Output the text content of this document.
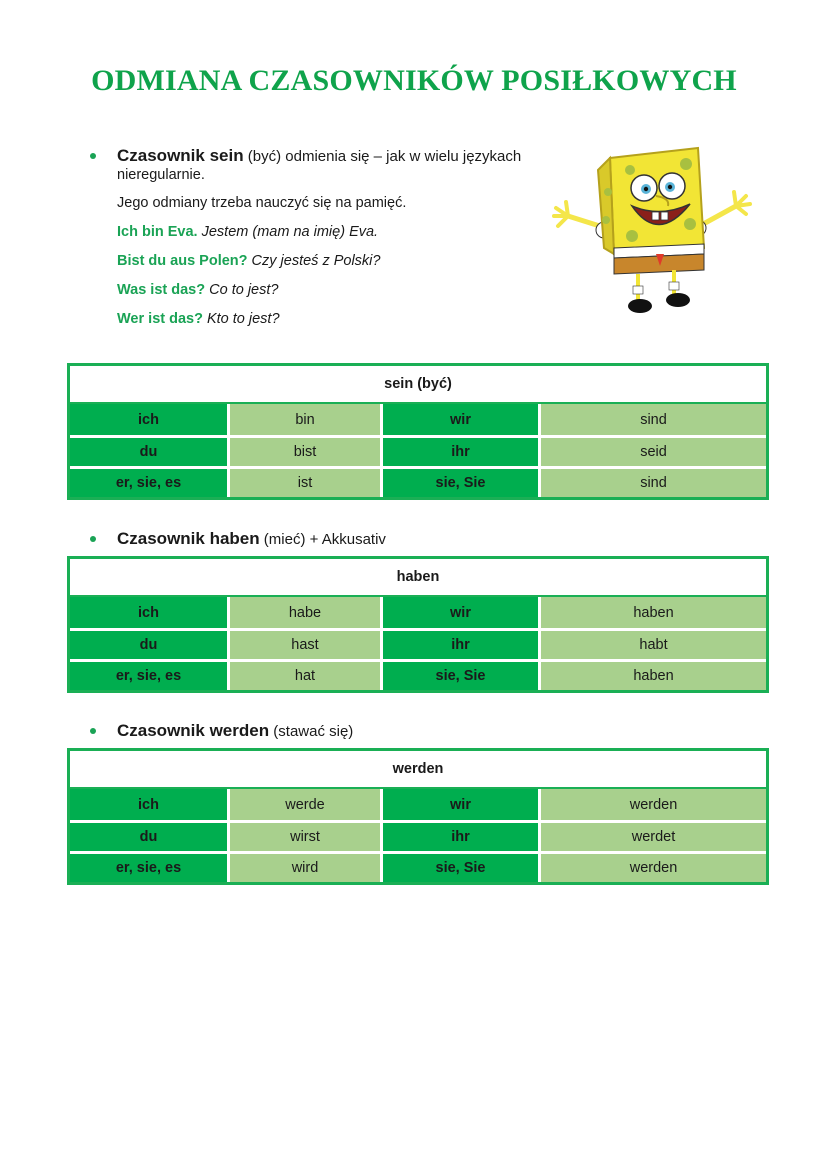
ODMIANA CZASOWNIKÓW POSIŁKOWYCH
Czasownik sein (być) odmienia się – jak w wielu językach
nieregularnie.
Jego odmiany trzeba nauczyć się na pamięć.
Ich bin Eva. Jestem (mam na imię) Eva.
Bist du aus Polen? Czy jesteś z Polski?
Was ist das? Co to jest?
Wer ist das? Kto to jest?
sein (być)
ich	bin	wir	sind
du	bist	ihr	seid
er, sie, es	ist	sie, Sie	sind
Czasownik haben (mieć) + Akkusativ
haben
ich	habe	wir	haben
du	hast	ihr	habt
er, sie, es	hat	sie, Sie	haben
Czasownik werden (stawać się)
werden
ich	werde	wir	werden
du	wirst	ihr	werdet
er, sie, es	wird	sie, Sie	werden
